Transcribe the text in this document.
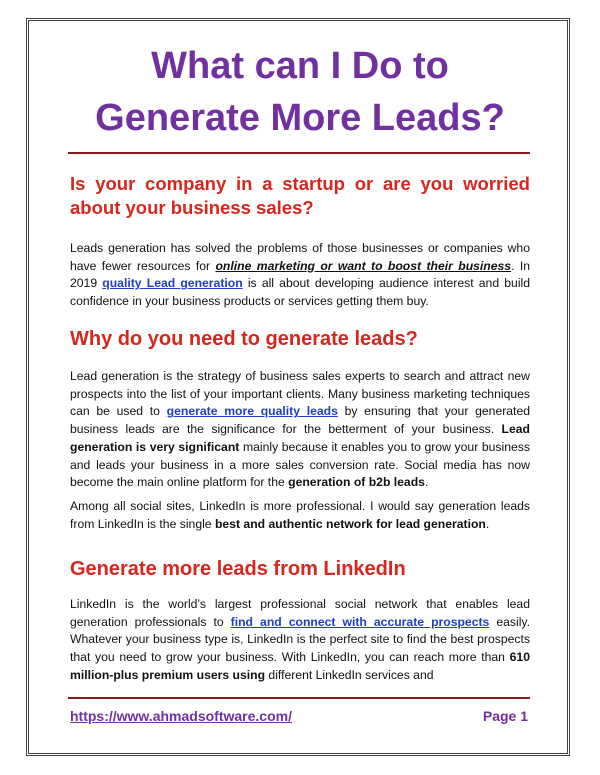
What can I Do to
Generate More Leads?
Is your company in a startup or are you worried about your business sales?
Leads generation has solved the problems of those businesses or companies who have fewer resources for online marketing or want to boost their business. In 2019 quality Lead generation is all about developing audience interest and build confidence in your business products or services getting them buy.
Why do you need to generate leads?
Lead generation is the strategy of business sales experts to search and attract new prospects into the list of your important clients. Many business marketing techniques can be used to generate more quality leads by ensuring that your generated business leads are the significance for the betterment of your business. Lead generation is very significant mainly because it enables you to grow your business and leads your business in a more sales conversion rate. Social media has now become the main online platform for the generation of b2b leads.
Among all social sites, LinkedIn is more professional. I would say generation leads from LinkedIn is the single best and authentic network for lead generation.
Generate more leads from LinkedIn
LinkedIn is the world’s largest professional social network that enables lead generation professionals to find and connect with accurate prospects easily. Whatever your business type is, LinkedIn is the perfect site to find the best prospects that you need to grow your business. With LinkedIn, you can reach more than 610 million-plus premium users using different LinkedIn services and
https://www.ahmadsoftware.com/	Page 1
